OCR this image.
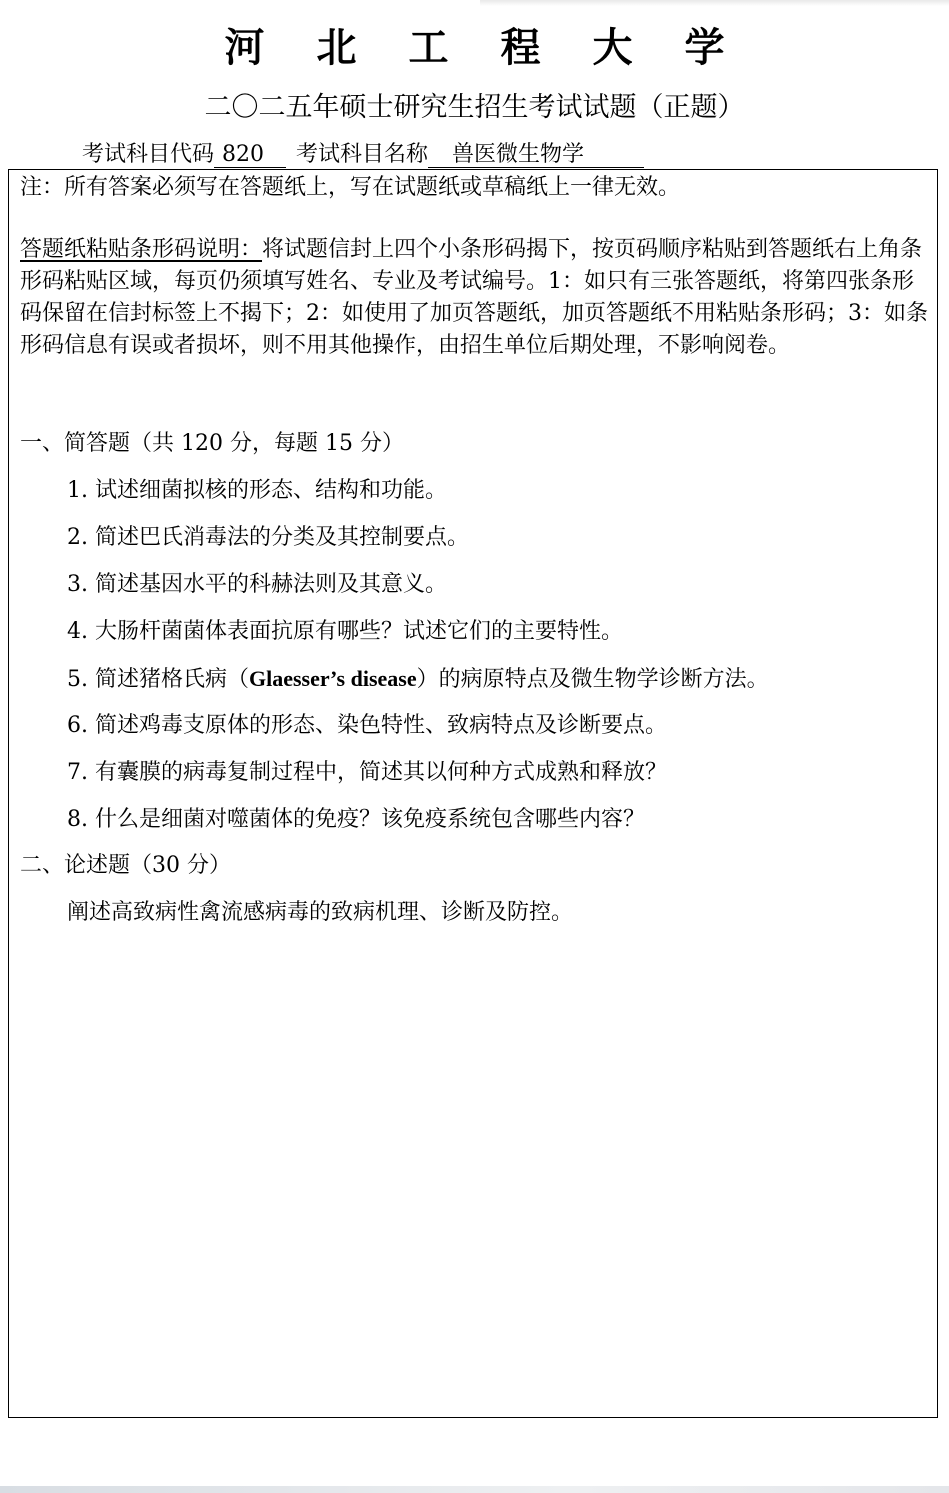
河北工程大学
二〇二五年硕士研究生招生考试试题（正题）
考试科目代码 820 考试科目名称 兽医微生物学
注：所有答案必须写在答题纸上，写在试题纸或草稿纸上一律无效。
答题纸粘贴条形码说明：将试题信封上四个小条形码揭下，按页码顺序粘贴到答题纸右上角条形码粘贴区域，每页仍须填写姓名、专业及考试编号。1：如只有三张答题纸，将第四张条形码保留在信封标签上不揭下；2：如使用了加页答题纸，加页答题纸不用粘贴条形码；3：如条形码信息有误或者损坏，则不用其他操作，由招生单位后期处理，不影响阅卷。
一、简答题（共 120 分，每题 15 分）
1. 试述细菌拟核的形态、结构和功能。
2. 简述巴氏消毒法的分类及其控制要点。
3. 简述基因水平的科赫法则及其意义。
4. 大肠杆菌菌体表面抗原有哪些？试述它们的主要特性。
5. 简述猪格氏病（Glaesser’s disease）的病原特点及微生物学诊断方法。
6. 简述鸡毒支原体的形态、染色特性、致病特点及诊断要点。
7. 有囊膜的病毒复制过程中，简述其以何种方式成熟和释放？
8. 什么是细菌对噬菌体的免疫？该免疫系统包含哪些内容？
二、论述题（30 分）
阐述高致病性禽流感病毒的致病机理、诊断及防控。
